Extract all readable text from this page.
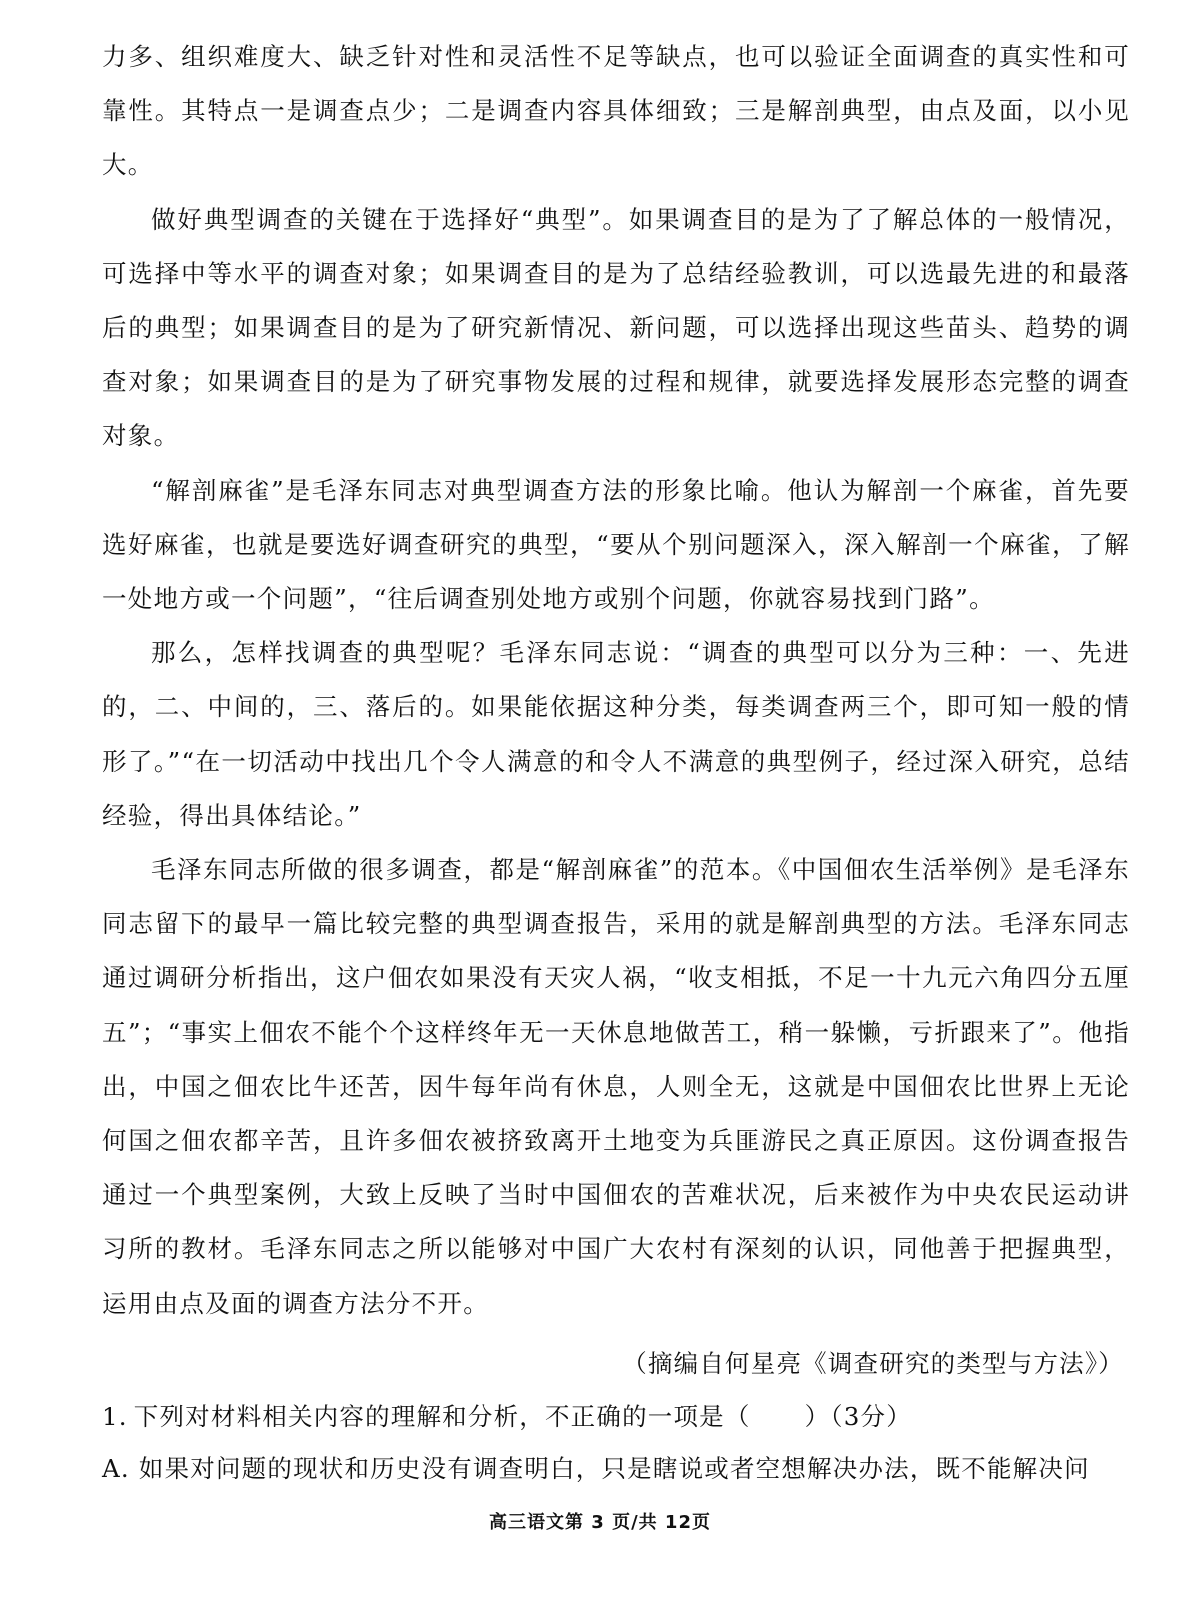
力多、组织难度大、缺乏针对性和灵活性不足等缺点，也可以验证全面调查的真实性和可靠性。其特点一是调查点少；二是调查内容具体细致；三是解剖典型，由点及面，以小见大。

做好典型调查的关键在于选择好“典型”。如果调查目的是为了了解总体的一般情况，可选择中等水平的调查对象；如果调查目的是为了总结经验教训，可以选最先进的和最落后的典型；如果调查目的是为了研究新情况、新问题，可以选择出现这些苗头、趋势的调查对象；如果调查目的是为了研究事物发展的过程和规律，就要选择发展形态完整的调查对象。

“解剖麻雀”是毛泽东同志对典型调查方法的形象比喻。他认为解剖一个麻雀，首先要选好麻雀，也就是要选好调查研究的典型，“要从个别问题深入，深入解剖一个麻雀，了解一处地方或一个问题”，“往后调查别处地方或别个问题，你就容易找到门路”。

那么，怎样找调查的典型呢？毛泽东同志说：“调查的典型可以分为三种：一、先进的，二、中间的，三、落后的。如果能依据这种分类，每类调查两三个，即可知一般的情形了。”“在一切活动中找出几个令人满意的和令人不满意的典型例子，经过深入研究，总结经验，得出具体结论。”

毛泽东同志所做的很多调查，都是“解剖麻雀”的范本。《中国佃农生活举例》是毛泽东同志留下的最早一篇比较完整的典型调查报告，采用的就是解剖典型的方法。毛泽东同志通过调研分析指出，这户佃农如果没有天灾人祸，“收支相抵，不足一十九元六角四分五厘五”；“事实上佃农不能个个这样终年无一天休息地做苦工，稍一躲懒，亏折跟来了”。他指出，中国之佃农比牛还苦，因牛每年尚有休息，人则全无，这就是中国佃农比世界上无论何国之佃农都辛苦，且许多佃农被挤致离开土地变为兵匪游民之真正原因。这份调查报告通过一个典型案例，大致上反映了当时中国佃农的苦难状况，后来被作为中央农民运动讲习所的教材。毛泽东同志之所以能够对中国广大农村有深刻的认识，同他善于把握典型，运用由点及面的调查方法分不开。

（摘编自何星亮《调查研究的类型与方法》）

1. 下列对材料相关内容的理解和分析，不正确的一项是（ ）（3分）

A. 如果对问题的现状和历史没有调查明白，只是瞎说或者空想解决办法，既不能解决问

高三语文第 3 页/共 12页
